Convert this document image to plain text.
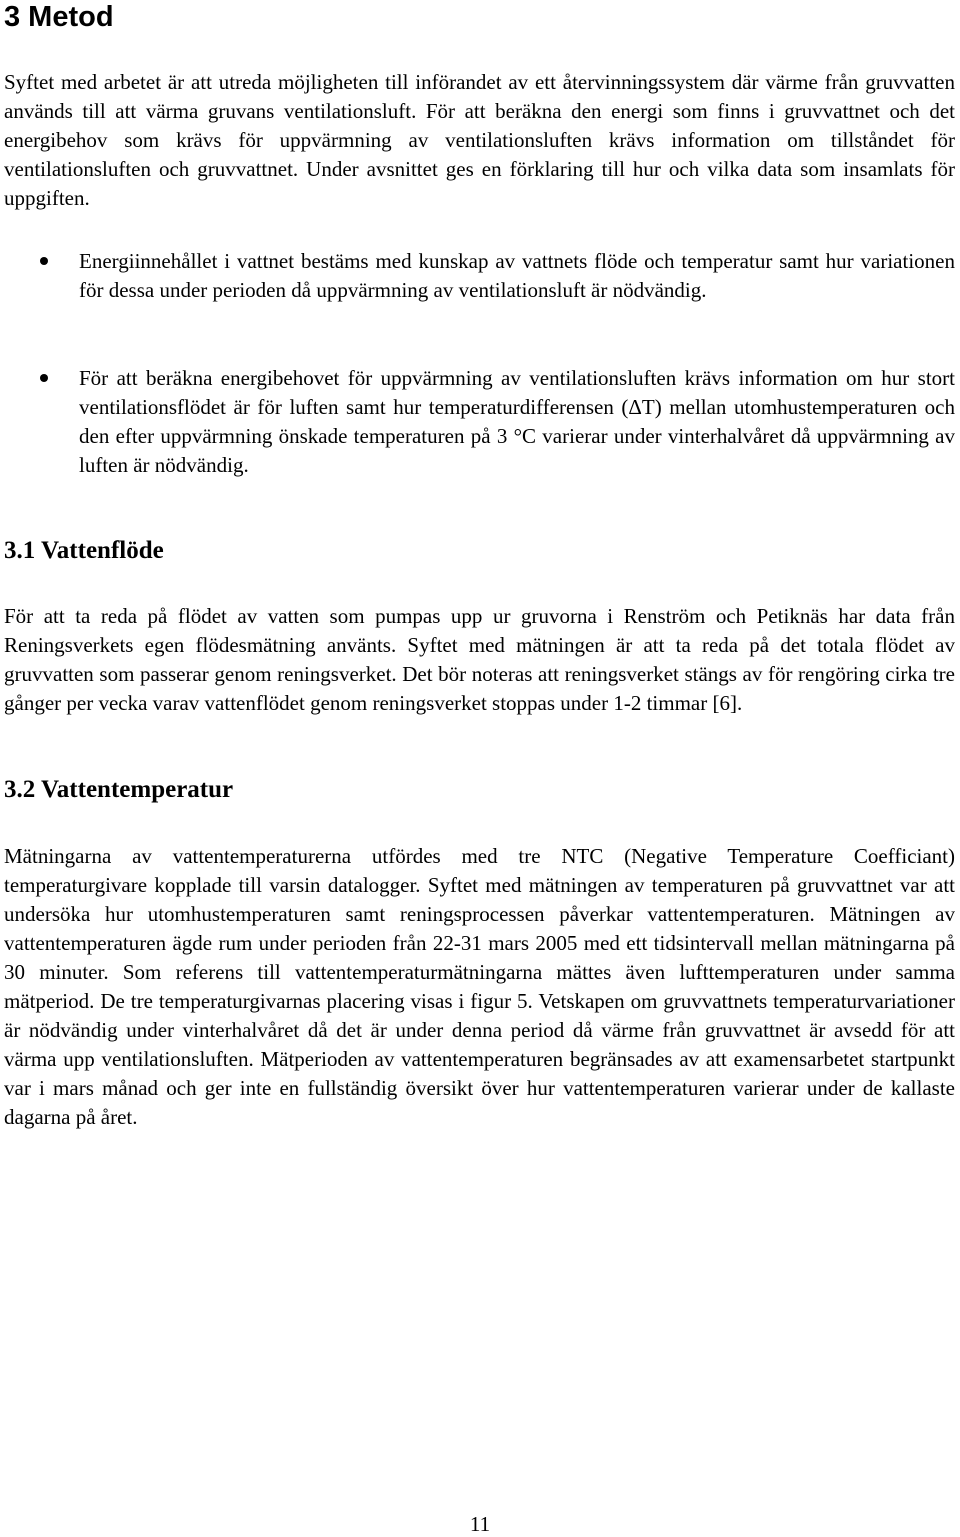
3 Metod

Syftet med arbetet är att utreda möjligheten till införandet av ett återvinningssystem där värme från gruvvatten används till att värma gruvans ventilationsluft. För att beräkna den energi som finns i gruvvattnet och det energibehov som krävs för uppvärmning av ventilationsluften krävs information om tillståndet för ventilationsluften och gruvvattnet. Under avsnittet ges en förklaring till hur och vilka data som insamlats för uppgiften.

Energiinnehållet i vattnet bestäms med kunskap av vattnets flöde och temperatur samt hur variationen för dessa under perioden då uppvärmning av ventilationsluft är nödvändig.

För att beräkna energibehovet för uppvärmning av ventilationsluften krävs information om hur stort ventilationsflödet är för luften samt hur temperaturdifferensen (ΔT) mellan utomhustemperaturen och den efter uppvärmning önskade temperaturen på 3 °C varierar under vinterhalvåret då uppvärmning av luften är nödvändig.

3.1 Vattenflöde

För att ta reda på flödet av vatten som pumpas upp ur gruvorna i Renström och Petiknäs har data från Reningsverkets egen flödesmätning använts. Syftet med mätningen är att ta reda på det totala flödet av gruvvatten som passerar genom reningsverket. Det bör noteras att reningsverket stängs av för rengöring cirka tre gånger per vecka varav vattenflödet genom reningsverket stoppas under 1-2 timmar [6].

3.2 Vattentemperatur

Mätningarna av vattentemperaturerna utfördes med tre NTC (Negative Temperature Coefficiant) temperaturgivare kopplade till varsin datalogger. Syftet med mätningen av temperaturen på gruvvattnet var att undersöka hur utomhustemperaturen samt reningsprocessen påverkar vattentemperaturen. Mätningen av vattentemperaturen ägde rum under perioden från 22-31 mars 2005 med ett tidsintervall mellan mätningarna på 30 minuter. Som referens till vattentemperaturmätningarna mättes även lufttemperaturen under samma mätperiod. De tre temperaturgivarnas placering visas i figur 5. Vetskapen om gruvvattnets temperaturvariationer är nödvändig under vinterhalvåret då det är under denna period då värme från gruvvattnet är avsedd för att värma upp ventilationsluften. Mätperioden av vattentemperaturen begränsades av att examensarbetet startpunkt var i mars månad och ger inte en fullständig översikt över hur vattentemperaturen varierar under de kallaste dagarna på året.

11
